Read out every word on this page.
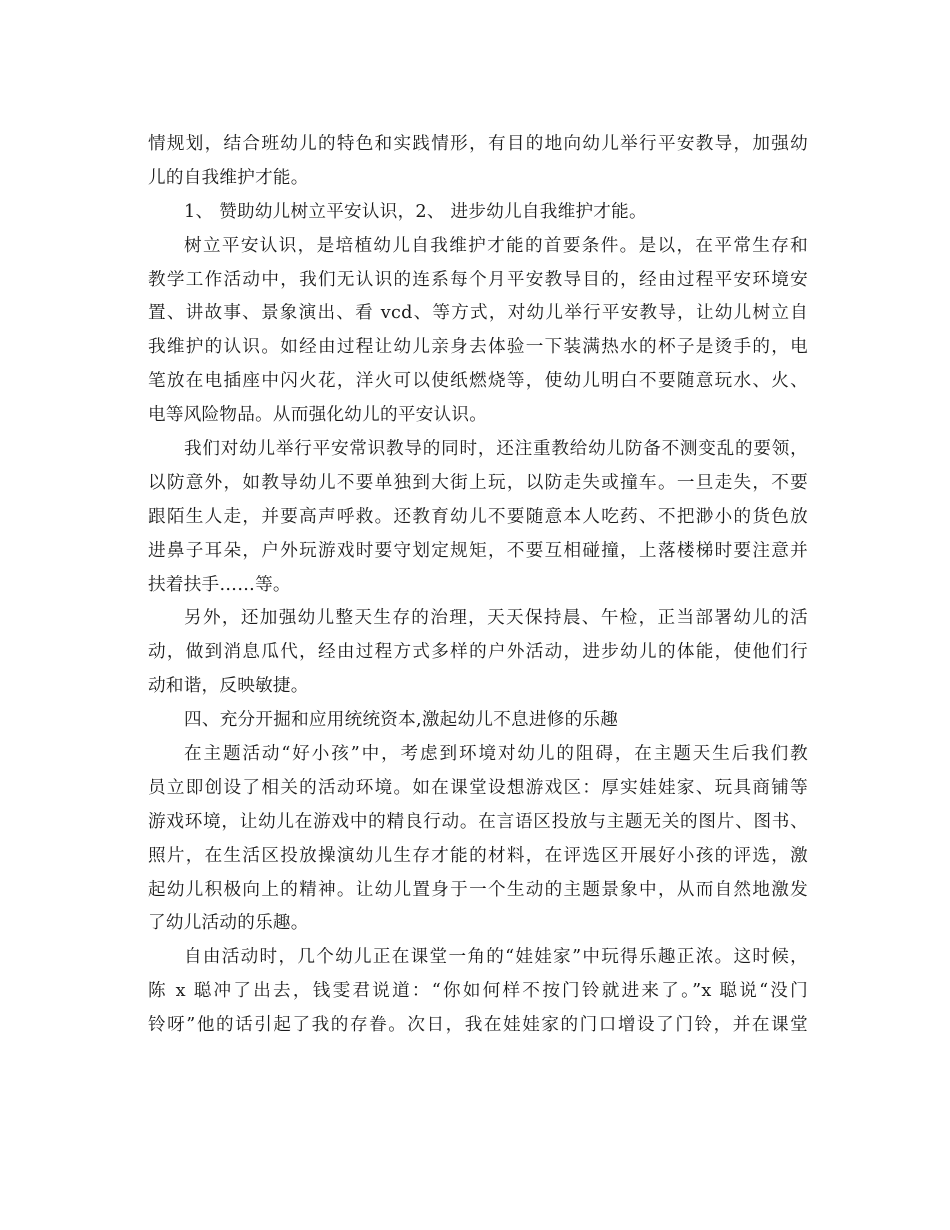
情规划，结合班幼儿的特色和实践情形，有目的地向幼儿举行平安教导，加强幼
儿的自我维护才能。
1、 赞助幼儿树立平安认识，2、 进步幼儿自我维护才能。
树立平安认识，是培植幼儿自我维护才能的首要条件。是以，在平常生存和
教学工作活动中，我们无认识的连系每个月平安教导目的，经由过程平安环境安
置、讲故事、景象演出、看 vcd、等方式，对幼儿举行平安教导，让幼儿树立自
我维护的认识。如经由过程让幼儿亲身去体验一下装满热水的杯子是烫手的，电
笔放在电插座中闪火花，洋火可以使纸燃烧等，使幼儿明白不要随意玩水、火、
电等风险物品。从而强化幼儿的平安认识。
我们对幼儿举行平安常识教导的同时，还注重教给幼儿防备不测变乱的要领，
以防意外，如教导幼儿不要单独到大街上玩，以防走失或撞车。一旦走失，不要
跟陌生人走，并要高声呼救。还教育幼儿不要随意本人吃药、不把渺小的货色放
进鼻子耳朵，户外玩游戏时要守划定规矩，不要互相碰撞，上落楼梯时要注意并
扶着扶手……等。
另外，还加强幼儿整天生存的治理，天天保持晨、午检，正当部署幼儿的活
动，做到消息瓜代，经由过程方式多样的户外活动，进步幼儿的体能，使他们行
动和谐，反映敏捷。
四、充分开掘和应用统统资本,激起幼儿不息进修的乐趣
在主题活动“好小孩”中，考虑到环境对幼儿的阻碍，在主题天生后我们教
员立即创设了相关的活动环境。如在课堂设想游戏区：厚实娃娃家、玩具商铺等
游戏环境，让幼儿在游戏中的精良行动。在言语区投放与主题无关的图片、图书、
照片，在生活区投放操演幼儿生存才能的材料，在评选区开展好小孩的评选，激
起幼儿积极向上的精神。让幼儿置身于一个生动的主题景象中，从而自然地激发
了幼儿活动的乐趣。
自由活动时，几个幼儿正在课堂一角的“娃娃家”中玩得乐趣正浓。这时候，
陈 x 聪冲了出去，钱雯君说道：“你如何样不按门铃就进来了。”x 聪说“没门
铃呀”他的话引起了我的存眷。次日，我在娃娃家的门口增设了门铃，并在课堂
